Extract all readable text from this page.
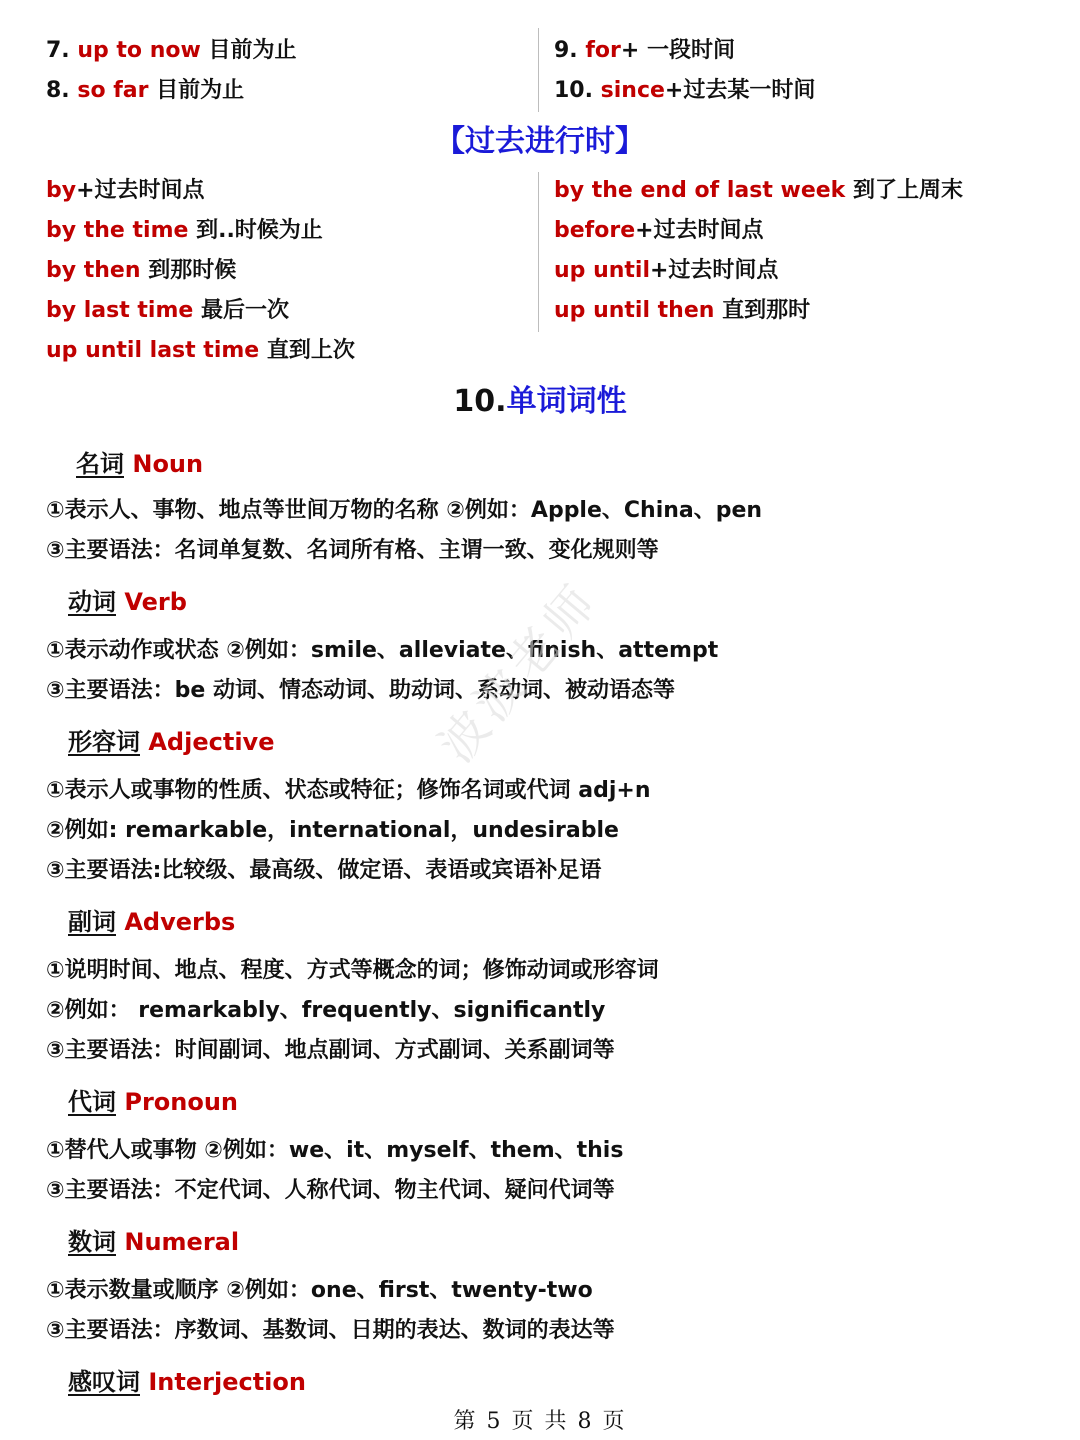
7. up to now 目前为止
8. so far 目前为止
9. for+ 一段时间
10. since+过去某一时间
【过去进行时】
by+过去时间点
by the time 到..时候为止
by then 到那时候
by last time 最后一次
up until last time 直到上次
by the end of last week 到了上周末
before+过去时间点
up until+过去时间点
up until then 直到那时
10.单词词性
名词 Noun
①表示人、事物、地点等世间万物的名称 ②例如：Apple、China、pen
③主要语法：名词单复数、名词所有格、主谓一致、变化规则等
动词 Verb
①表示动作或状态 ②例如：smile、alleviate、finish、attempt
③主要语法：be 动词、情态动词、助动词、系动词、被动语态等
形容词 Adjective
①表示人或事物的性质、状态或特征；修饰名词或代词 adj+n
②例如: remarkable，international，undesirable
③主要语法:比较级、最高级、做定语、表语或宾语补足语
副词 Adverbs
①说明时间、地点、程度、方式等概念的词；修饰动词或形容词
②例如： remarkably、frequently、significantly
③主要语法：时间副词、地点副词、方式副词、关系副词等
代词 Pronoun
①替代人或事物 ②例如：we、it、myself、them、this
③主要语法：不定代词、人称代词、物主代词、疑问代词等
数词 Numeral
①表示数量或顺序 ②例如：one、first、twenty-two
③主要语法：序数词、基数词、日期的表达、数词的表达等
感叹词 Interjection
波波老师
第 5 页 共 8 页
